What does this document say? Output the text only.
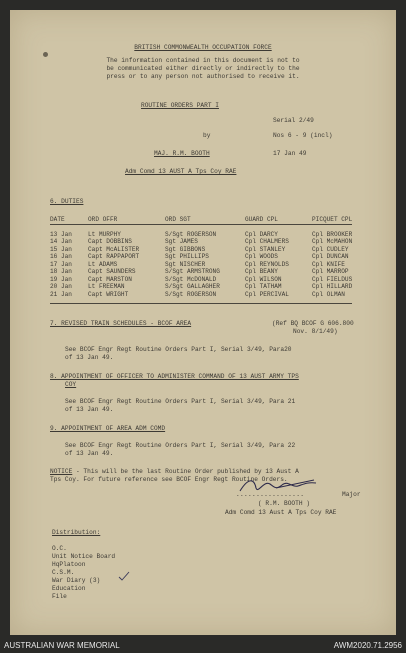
BRITISH COMMONWEALTH OCCUPATION FORCE
The information contained in this document is not to
be communicated either directly or indirectly to the
press or to any person not authorised to receive it.
ROUTINE ORDERS PART I
Serial 2/49
by	Nos 6 - 9 (incl)
MAJ. R.M. BOOTH	17 Jan 49
Adm Comd 13 AUST A Tps Coy RAE
6. DUTIES
DATE	ORD OFFR	ORD SGT	GUARD CPL	PICQUET CPL

13 Jan	Lt MURPHY	S/Sgt ROGERSON	Cpl DARCY	Cpl BROOKER
14 Jan	Capt DOBBINS	Sgt JAMES	Cpl CHALMERS	Cpl McMAHON
15 Jan	Capt McALISTER	Sgt GIBBONS	Cpl STANLEY	Cpl CUDLEY
16 Jan	Capt RAPPAPORT	Sgt PHILLIPS	Cpl WOODS	Cpl DUNCAN
17 Jan	Lt ADAMS	Sgt NISCHER	Cpl REYNOLDS	Cpl KNIFE
18 Jan	Capt SAUNDERS	S/Sgt ARMSTRONG	Cpl BEANY	Cpl MARROP
19 Jan	Capt MARSTON	S/Sgt McDONALD	Cpl WILSON	Cpl FIELDUS
20 Jan	Lt FREEMAN	S/Sgt GALLAGHER	Cpl TATHAM	Cpl HILLARD
21 Jan	Capt WRIGHT	S/Sgt ROGERSON	Cpl PERCIVAL	Cpl OLMAN

7. REVISED TRAIN SCHEDULES - BCOF AREA	(Ref BQ BCOF G 606.800
Nov. 8/1/49)
See BCOF Engr Regt Routine Orders Part I, Serial 3/49, Para20
of 13 Jan 49.
8. APPOINTMENT OF OFFICER TO ADMINISTER COMMAND OF 13 AUST ARMY TPS
COY
See BCOF Engr Regt Routine Orders Part I, Serial 3/49, Para 21
of 13 Jan 49.
9. APPOINTMENT OF AREA ADM COMD
See BCOF Engr Regt Routine Orders Part I, Serial 3/49, Para 22
of 13 Jan 49.
NOTICE - This will be the last Routine Order published by 13 Aust A
Tps Coy. For future reference see BCOF Engr Regt Routine Orders.
.................	Major
( R.M. BOOTH )
Adm Comd 13 Aust A Tps Coy RAE
Distribution:
O.C.
Unit Notice Board
HqPlatoon
C.S.M.
War Diary (3)
Education
File
AUSTRALIAN WAR MEMORIAL	AWM2020.71.2956
